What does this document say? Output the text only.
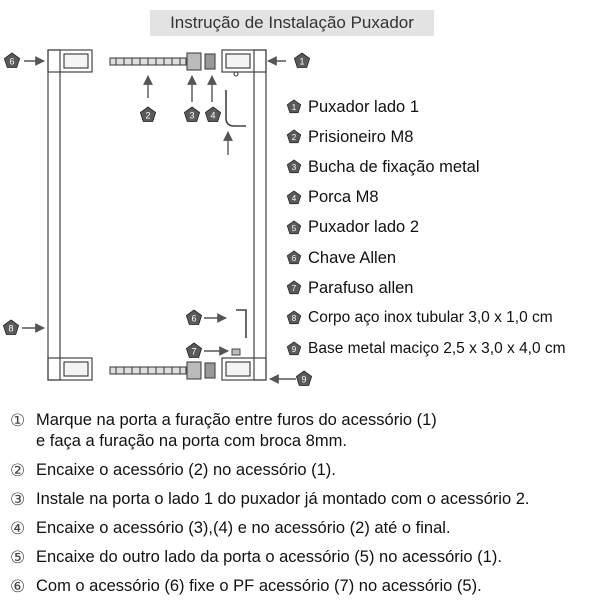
Instrução de Instalação Puxador
6	1
2	3 4
8
6
7
9
1 Puxador lado 1
2 Prisioneiro M8
3 Bucha de fixação metal
4 Porca M8
5 Puxador lado 2
6 Chave Allen
7 Parafuso allen
8 Corpo aço inox tubular 3,0 x 1,0 cm
9 Base metal maciço 2,5 x 3,0 x 4,0 cm
① Marque na porta a furação entre furos do acessório (1)
e faça a furação na porta com broca 8mm.
② Encaixe o acessório (2) no acessório (1).
③ Instale na porta o lado 1 do puxador já montado com o acessório 2.
④ Encaixe o acessório (3),(4) e no acessório (2) até o final.
⑤ Encaixe do outro lado da porta o acessório (5) no acessório (1).
⑥ Com o acessório (6) fixe o PF acessório (7) no acessório (5).
